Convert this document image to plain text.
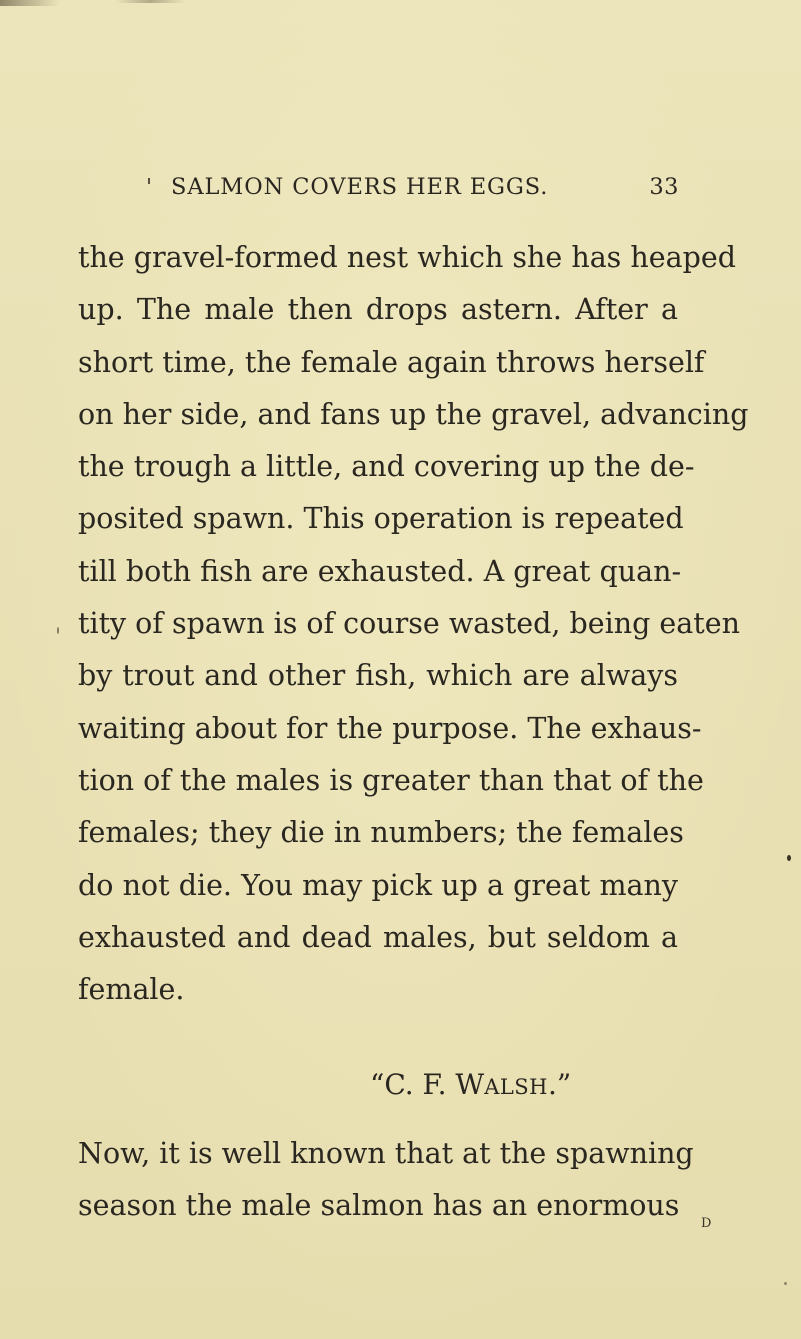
SALMON COVERS HER EGGS.	33
the gravel-formed nest which she has heaped
up. The male then drops astern. After a
short time, the female again throws herself
on her side, and fans up the gravel, advancing
the trough a little, and covering up the de-
posited spawn. This operation is repeated
till both fish are exhausted. A great quan-
tity of spawn is of course wasted, being eaten
by trout and other fish, which are always
waiting about for the purpose. The exhaus-
tion of the males is greater than that of the
females; they die in numbers; the females
do not die. You may pick up a great many
exhausted and dead males, but seldom a
female.
“C. F. WALSH.”
Now, it is well known that at the spawning
season the male salmon has an enormous
D
